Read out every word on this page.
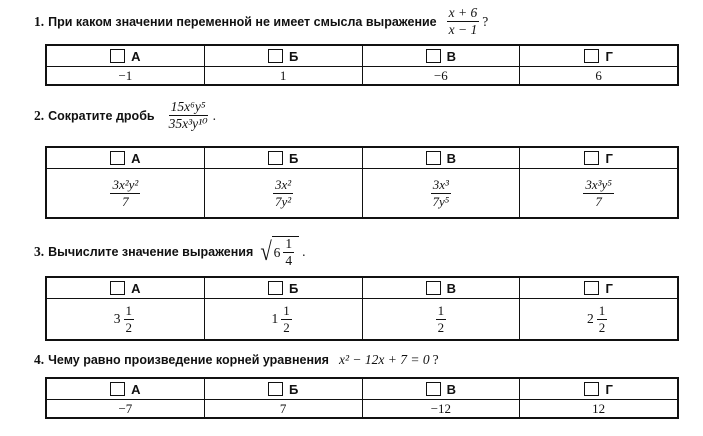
1. При каком значении переменной не имеет смысла выражение $\frac{x + 6}{x - 1}$ ?
А	Б	В	Г
−1	1	−6	6
2. Сократите дробь $\frac{\text{15x⁶y⁵}}{\text{35x³y¹⁰}}$ .
А	Б	В	Г
$\frac{\text{3x²y²}}{7}$	$\frac{\text{3x²}}{\text{7y²}}$	$\frac{\text{3x³}}{\text{7y⁵}}$	$\frac{\text{3x³y⁵}}{7}$
3. Вычислите значение выражения √ $6 \frac{1}{4}$ .
А	Б	В	Г
$3 \frac{1}{2}$	$1 \frac{1}{2}$	$\frac{1}{2}$	$2 \frac{1}{2}$
4. Чему равно произведение корней уравнения x² − 12x + 7 = 0 ?
А	Б	В	Г
−7	7	−12	12
